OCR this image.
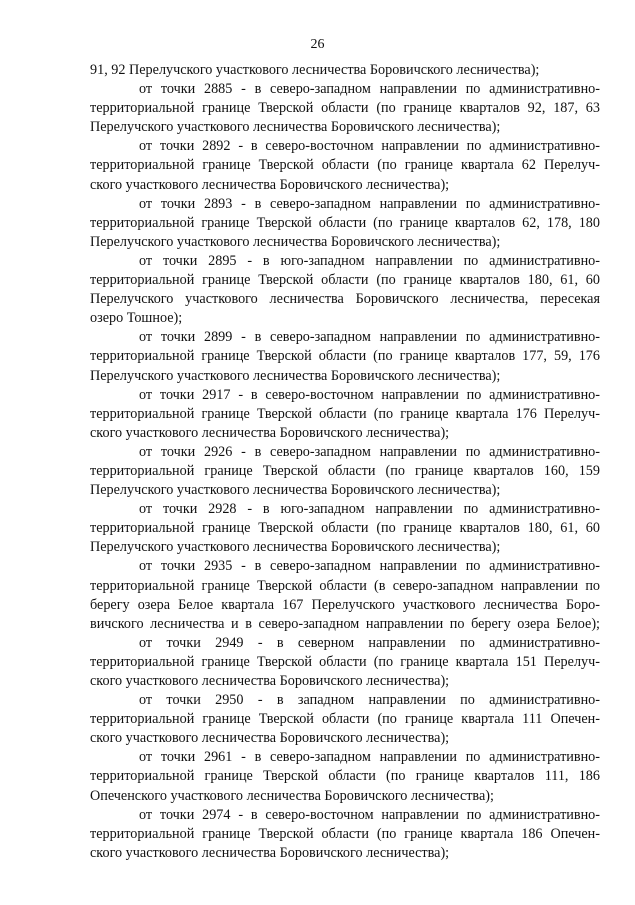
26
91, 92 Перелучского участкового лесничества Боровичского лесничества);
от точки 2885 - в северо-западном направлении по административно-
территориальной границе Тверской области (по границе кварталов 92, 187, 63
Перелучского участкового лесничества Боровичского лесничества);
от точки 2892 - в северо-восточном направлении по административно-
территориальной границе Тверской области (по границе квартала 62 Перелуч-
ского участкового лесничества Боровичского лесничества);
от точки 2893 - в северо-западном направлении по административно-
территориальной границе Тверской области (по границе кварталов 62, 178, 180
Перелучского участкового лесничества Боровичского лесничества);
от точки 2895 - в юго-западном направлении по административно-
территориальной границе Тверской области (по границе кварталов 180, 61, 60
Перелучского участкового лесничества Боровичского лесничества, пересекая
озеро Тошное);
от точки 2899 - в северо-западном направлении по административно-
территориальной границе Тверской области (по границе кварталов 177, 59, 176
Перелучского участкового лесничества Боровичского лесничества);
от точки 2917 - в северо-восточном направлении по административно-
территориальной границе Тверской области (по границе квартала 176 Перелуч-
ского участкового лесничества Боровичского лесничества);
от точки 2926 - в северо-западном направлении по административно-
территориальной границе Тверской области (по границе кварталов 160, 159
Перелучского участкового лесничества Боровичского лесничества);
от точки 2928 - в юго-западном направлении по административно-
территориальной границе Тверской области (по границе кварталов 180, 61, 60
Перелучского участкового лесничества Боровичского лесничества);
от точки 2935 - в северо-западном направлении по административно-
территориальной границе Тверской области (в северо-западном направлении по
берегу озера Белое квартала 167 Перелучского участкового лесничества Боро-
вичского лесничества и в северо-западном направлении по берегу озера Белое);
от точки 2949 - в северном направлении по административно-
территориальной границе Тверской области (по границе квартала 151 Перелуч-
ского участкового лесничества Боровичского лесничества);
от точки 2950 - в западном направлении по административно-
территориальной границе Тверской области (по границе квартала 111 Опечен-
ского участкового лесничества Боровичского лесничества);
от точки 2961 - в северо-западном направлении по административно-
территориальной границе Тверской области (по границе кварталов 111, 186
Опеченского участкового лесничества Боровичского лесничества);
от точки 2974 - в северо-восточном направлении по административно-
территориальной границе Тверской области (по границе квартала 186 Опечен-
ского участкового лесничества Боровичского лесничества);
